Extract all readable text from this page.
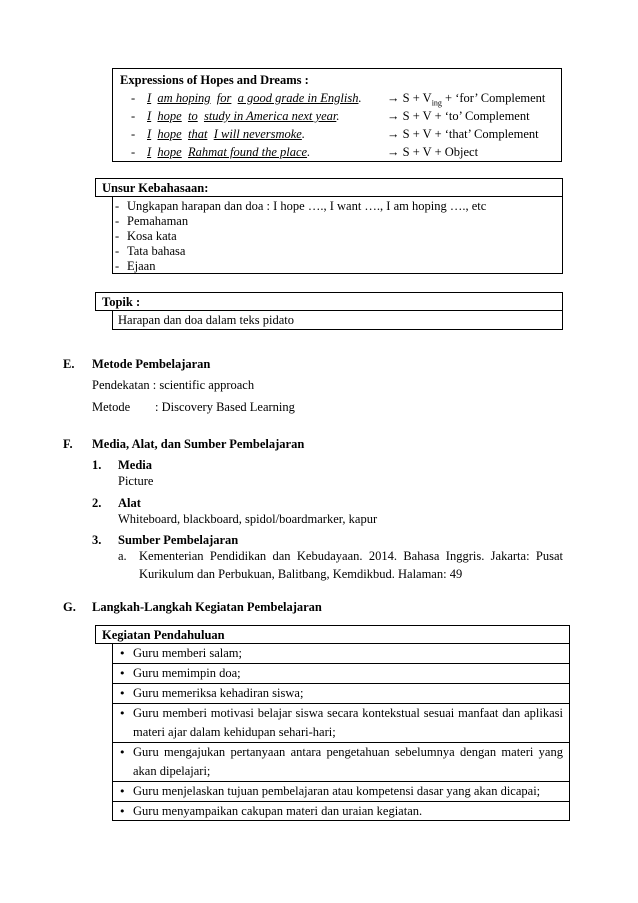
Expressions of Hopes and Dreams :
- I am hoping for a good grade in English. → $S + V_{ing}$ + ‘for’ Complement
- I hope to study in America next year.	→ S + V + ‘to’ Complement
- I hope that I will neversmoke.	→ S + V + ‘that’ Complement
- I hope Rahmat found the place.	→ S + V + Object
Unsur Kebahasaan:
- Ungkapan harapan dan doa : I hope …., I want …., I am hoping …., etc
- Pemahaman
- Kosa kata
- Tata bahasa
- Ejaan
Topik :
Harapan dan doa dalam teks pidato
E. Metode Pembelajaran
Pendekatan : scientific approach
Metode : Discovery Based Learning
F. Media, Alat, dan Sumber Pembelajaran
1. Media
Picture
2. Alat
Whiteboard, blackboard, spidol/boardmarker, kapur
3. Sumber Pembelajaran
a. Kementerian Pendidikan dan Kebudayaan. 2014. Bahasa Inggris. Jakarta: Pusat
Kurikulum dan Perbukuan, Balitbang, Kemdikbud. Halaman: 49
G. Langkah-Langkah Kegiatan Pembelajaran
Kegiatan Pendahuluan
• Guru memberi salam;
• Guru memimpin doa;
• Guru memeriksa kehadiran siswa;
• Guru memberi motivasi belajar siswa secara kontekstual sesuai manfaat dan aplikasi materi ajar dalam kehidupan sehari-hari;
• Guru mengajukan pertanyaan antara pengetahuan sebelumnya dengan materi yang akan dipelajari;
• Guru menjelaskan tujuan pembelajaran atau kompetensi dasar yang akan dicapai;
• Guru menyampaikan cakupan materi dan uraian kegiatan.
